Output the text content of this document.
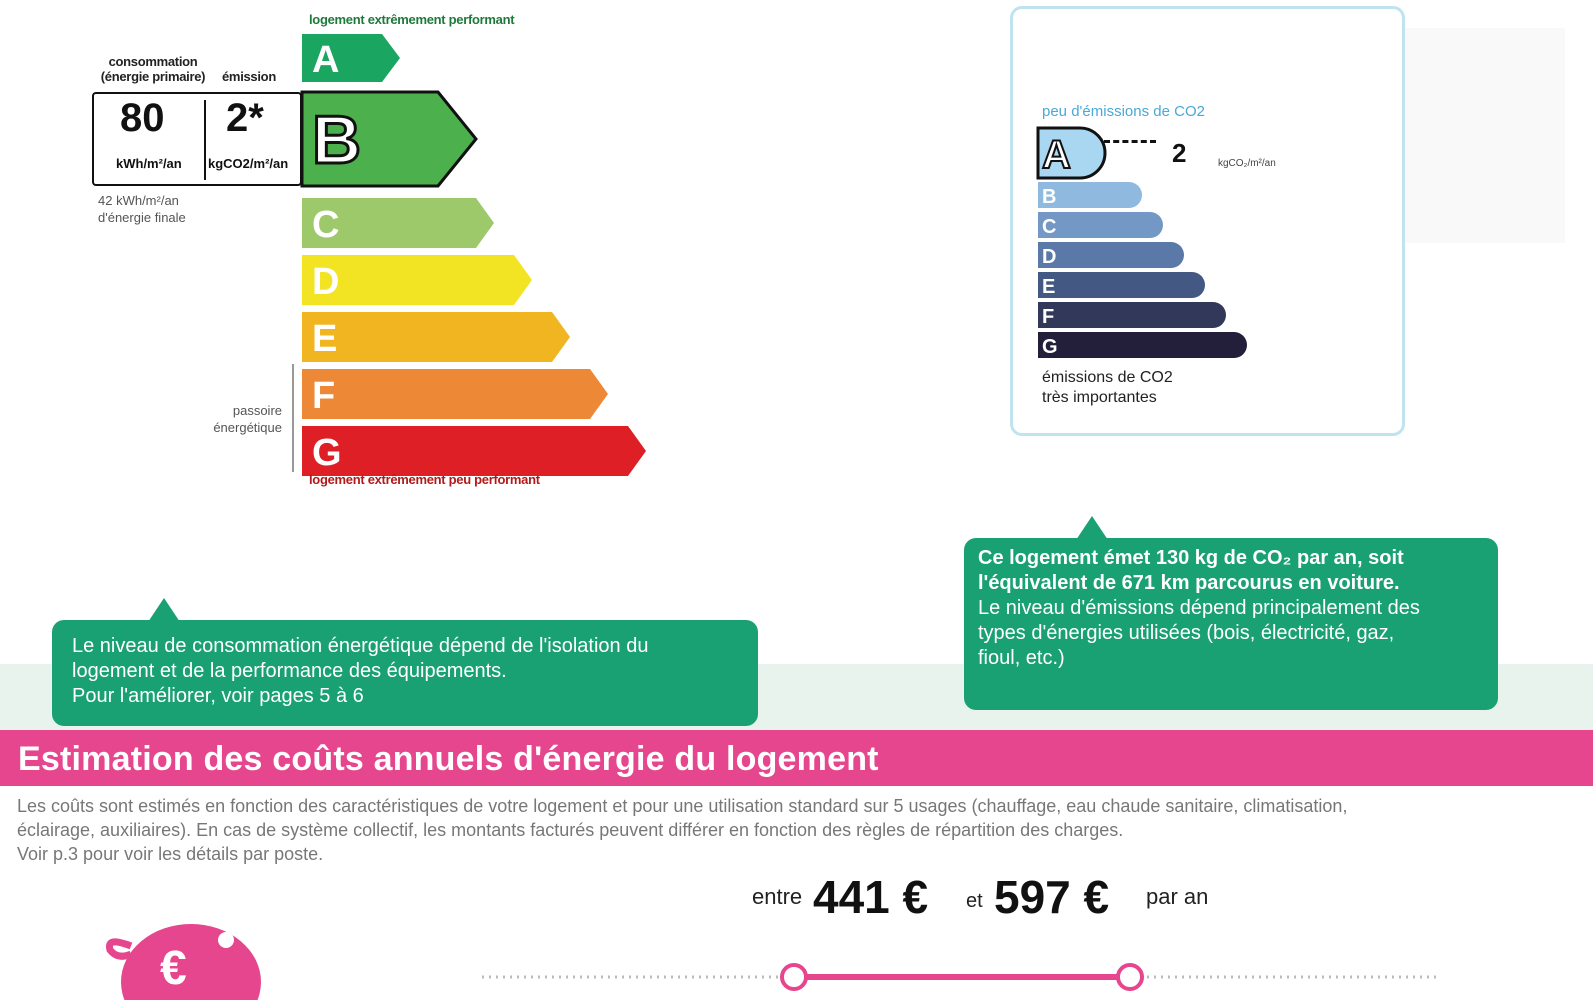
logement extrêmement performant
consommation
(énergie primaire)	émission A
B
C
D
E
F
G
80
kWh/m²/an
2*
kgCO2/m²/an
42 kWh/m²/an
d'énergie finale
passoire
énergétique
logement extrêmement peu performant
peu d'émissions de CO2
A
B
C
D
E
F
G
2	kgCO₂/m²/an
émissions de CO2
très importantes
Le niveau de consommation énergétique dépend de l'isolation du
logement et de la performance des équipements.
Pour l'améliorer, voir pages 5 à 6
Ce logement émet 130 kg de CO₂ par an, soit
l'équivalent de 671 km parcourus en voiture.
Le niveau d'émissions dépend principalement des
types d'énergies utilisées (bois, électricité, gaz,
fioul, etc.)
Estimation des coûts annuels d'énergie du logement
Les coûts sont estimés en fonction des caractéristiques de votre logement et pour une utilisation standard sur 5 usages (chauffage, eau chaude sanitaire, climatisation,
éclairage, auxiliaires). En cas de système collectif, les montants facturés peuvent différer en fonction des règles de répartition des charges.
Voir p.3 pour voir les détails par poste.
entre 441 € et 597 € par an
€
